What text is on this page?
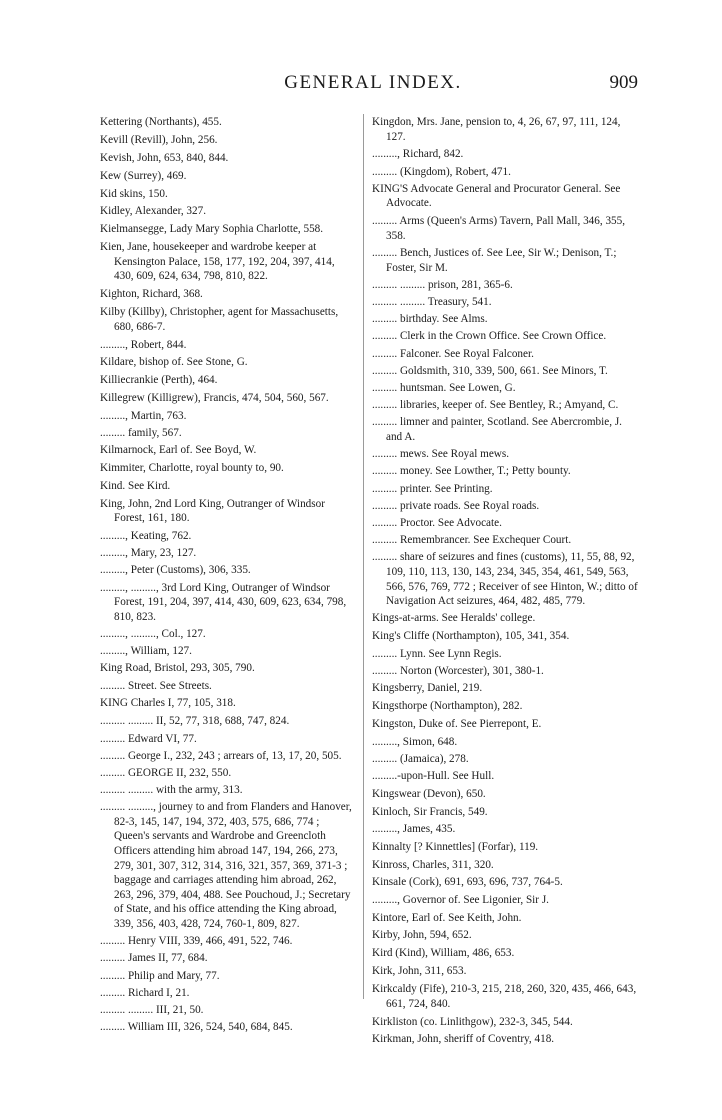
GENERAL INDEX.	909
Kettering (Northants), 455.
Kevill (Revill), John, 256.
Kevish, John, 653, 840, 844.
Kew (Surrey), 469.
Kid skins, 150.
Kidley, Alexander, 327.
Kielmansegge, Lady Mary Sophia Charlotte, 558.
Kien, Jane, housekeeper and wardrobe keeper at Kensington Palace, 158, 177, 192, 204, 397, 414, 430, 609, 624, 634, 798, 810, 822.
Kighton, Richard, 368.
Kilby (Killby), Christopher, agent for Massachusetts, 680, 686-7.
........., Robert, 844.
Kildare, bishop of. See Stone, G.
Killiecrankie (Perth), 464.
Killegrew (Killigrew), Francis, 474, 504, 560, 567.
........., Martin, 763.
......... family, 567.
Kilmarnock, Earl of. See Boyd, W.
Kimmiter, Charlotte, royal bounty to, 90.
Kind. See Kird.
King, John, 2nd Lord King, Outranger of Windsor Forest, 161, 180.
........., Keating, 762.
........., Mary, 23, 127.
........., Peter (Customs), 306, 335.
........., ........., 3rd Lord King, Outranger of Windsor Forest, 191, 204, 397, 414, 430, 609, 623, 634, 798, 810, 823.
........., ........., Col., 127.
........., William, 127.
King Road, Bristol, 293, 305, 790.
......... Street. See Streets.
KING Charles I, 77, 105, 318.
......... ......... II, 52, 77, 318, 688, 747, 824.
......... Edward VI, 77.
......... George I., 232, 243 ; arrears of, 13, 17, 20, 505.
......... GEORGE II, 232, 550.
......... ......... with the army, 313.
......... ........., journey to and from Flanders and Hanover, 82-3, 145, 147, 194, 372, 403, 575, 686, 774 ; Queen's servants and Wardrobe and Greencloth Officers attending him abroad 147, 194, 266, 273, 279, 301, 307, 312, 314, 316, 321, 357, 369, 371-3 ; baggage and carriages attending him abroad, 262, 263, 296, 379, 404, 488. See Pouchoud, J.; Secretary of State, and his office attending the King abroad, 339, 356, 403, 428, 724, 760-1, 809, 827.
......... Henry VIII, 339, 466, 491, 522, 746.
......... James II, 77, 684.
......... Philip and Mary, 77.
......... Richard I, 21.
......... ......... III, 21, 50.
......... William III, 326, 524, 540, 684, 845.
Kingdon, Mrs. Jane, pension to, 4, 26, 67, 97, 111, 124, 127.
........., Richard, 842.
......... (Kingdom), Robert, 471.
KING'S Advocate General and Procurator General. See Advocate.
......... Arms (Queen's Arms) Tavern, Pall Mall, 346, 355, 358.
......... Bench, Justices of. See Lee, Sir W.; Denison, T.; Foster, Sir M.
......... ......... prison, 281, 365-6.
......... ......... Treasury, 541.
......... birthday. See Alms.
......... Clerk in the Crown Office. See Crown Office.
......... Falconer. See Royal Falconer.
......... Goldsmith, 310, 339, 500, 661. See Minors, T.
......... huntsman. See Lowen, G.
......... libraries, keeper of. See Bentley, R.; Amyand, C.
......... limner and painter, Scotland. See Abercrombie, J. and A.
......... mews. See Royal mews.
......... money. See Lowther, T.; Petty bounty.
......... printer. See Printing.
......... private roads. See Royal roads.
......... Proctor. See Advocate.
......... Remembrancer. See Exchequer Court.
......... share of seizures and fines (customs), 11, 55, 88, 92, 109, 110, 113, 130, 143, 234, 345, 354, 461, 549, 563, 566, 576, 769, 772 ; Receiver of see Hinton, W.; ditto of Navigation Act seizures, 464, 482, 485, 779.
Kings-at-arms. See Heralds' college.
King's Cliffe (Northampton), 105, 341, 354.
......... Lynn. See Lynn Regis.
......... Norton (Worcester), 301, 380-1.
Kingsberry, Daniel, 219.
Kingsthorpe (Northampton), 282.
Kingston, Duke of. See Pierrepont, E.
........., Simon, 648.
......... (Jamaica), 278.
.........-upon-Hull. See Hull.
Kingswear (Devon), 650.
Kinloch, Sir Francis, 549.
........., James, 435.
Kinnalty [? Kinnettles] (Forfar), 119.
Kinross, Charles, 311, 320.
Kinsale (Cork), 691, 693, 696, 737, 764-5.
........., Governor of. See Ligonier, Sir J.
Kintore, Earl of. See Keith, John.
Kirby, John, 594, 652.
Kird (Kind), William, 486, 653.
Kirk, John, 311, 653.
Kirkcaldy (Fife), 210-3, 215, 218, 260, 320, 435, 466, 643, 661, 724, 840.
Kirkliston (co. Linlithgow), 232-3, 345, 544.
Kirkman, John, sheriff of Coventry, 418.
